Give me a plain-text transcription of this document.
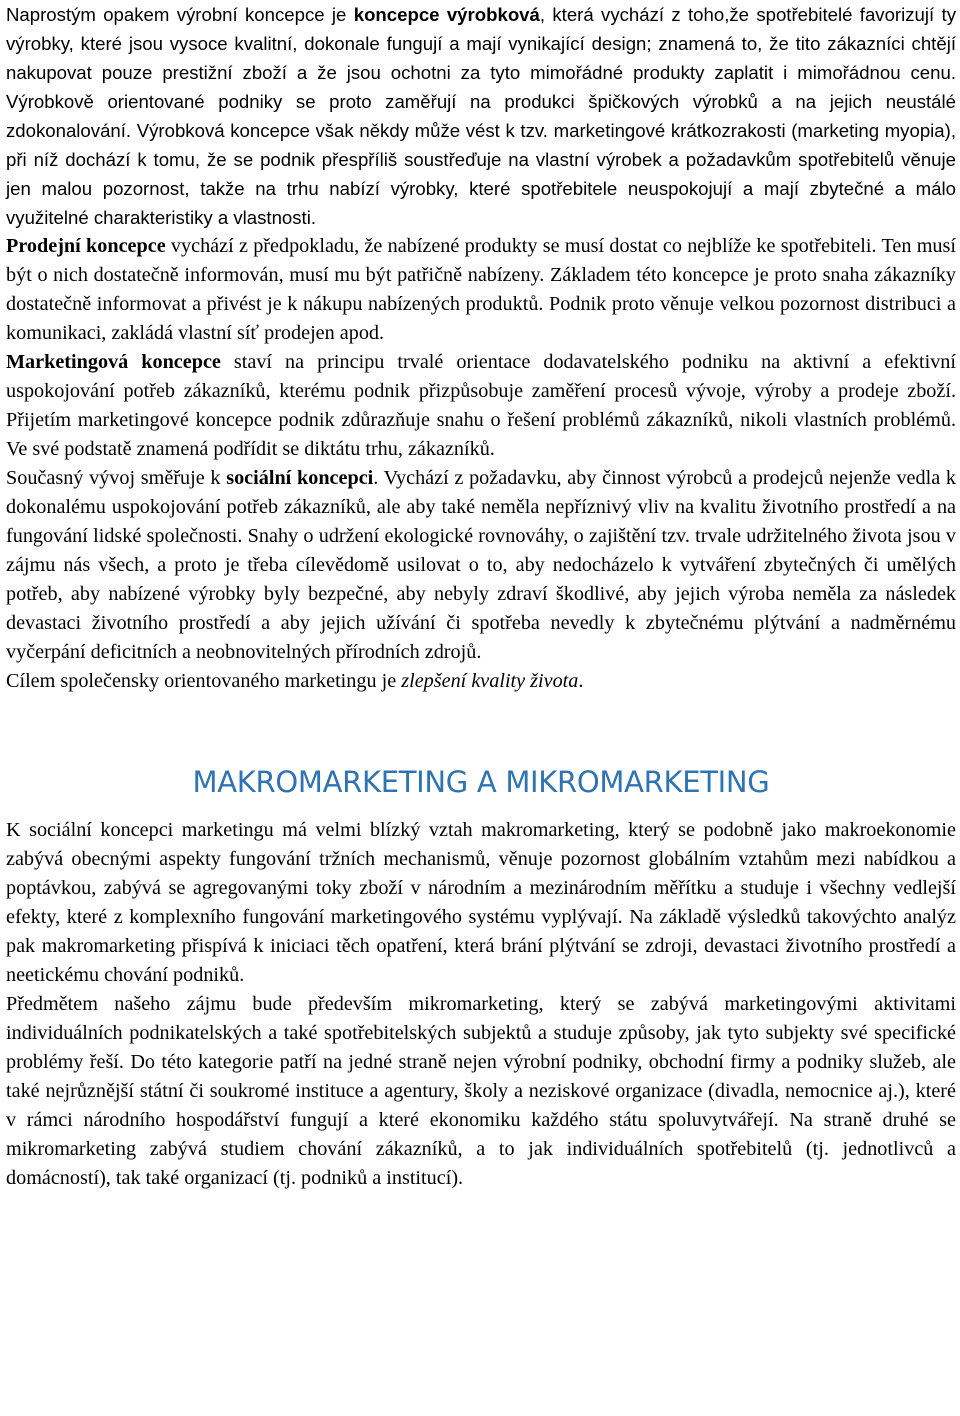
Naprostým opakem výrobní koncepce je koncepce výrobková, která vychází z toho,že spotřebitelé favorizují ty výrobky, které jsou vysoce kvalitní, dokonale fungují a mají vynikající design; znamená to, že tito zákazníci chtějí nakupovat pouze prestižní zboží a že jsou ochotni za tyto mimořádné produkty zaplatit i mimořádnou cenu. Výrobkově orientované podniky se proto zaměřují na produkci špičkových výrobků a na jejich neustálé zdokonalování. Výrobková koncepce však někdy může vést k tzv. marketingové krátkozrakosti (marketing myopia), při níž dochází k tomu, že se podnik přespříliš soustřeďuje na vlastní výrobek a požadavkům spotřebitelů věnuje jen malou pozornost, takže na trhu nabízí výrobky, které spotřebitele neuspokojují a mají zbytečné a málo využitelné charakteristiky a vlastnosti.

Prodejní koncepce vychází z předpokladu, že nabízené produkty se musí dostat co nejblíže ke spotřebiteli. Ten musí být o nich dostatečně informován, musí mu být patřičně nabízeny. Základem této koncepce je proto snaha zákazníky dostatečně informovat a přivést je k nákupu nabízených produktů. Podnik proto věnuje velkou pozornost distribuci a komunikaci, zakládá vlastní síť prodejen apod.

Marketingová koncepce staví na principu trvalé orientace dodavatelského podniku na aktivní a efektivní uspokojování potřeb zákazníků, kterému podnik přizpůsobuje zaměření procesů vývoje, výroby a prodeje zboží. Přijetím marketingové koncepce podnik zdůrazňuje snahu o řešení problémů zákazníků, nikoli vlastních problémů. Ve své podstatě znamená podřídit se diktátu trhu, zákazníků.

Současný vývoj směřuje k sociální koncepci. Vychází z požadavku, aby činnost výrobců a prodejců nejenže vedla k dokonalému uspokojování potřeb zákazníků, ale aby také neměla nepříznivý vliv na kvalitu životního prostředí a na fungování lidské společnosti. Snahy o udržení ekologické rovnováhy, o zajištění tzv. trvale udržitelného života jsou v zájmu nás všech, a proto je třeba cílevědomě usilovat o to, aby nedocházelo k vytváření zbytečných či umělých potřeb, aby nabízené výrobky byly bezpečné, aby nebyly zdraví škodlivé, aby jejich výroba neměla za následek devastaci životního prostředí a aby jejich užívání či spotřeba nevedly k zbytečnému plýtvání a nadměrnému vyčerpání deficitních a neobnovitelných přírodních zdrojů.

Cílem společensky orientovaného marketingu je zlepšení kvality života.

MAKROMARKETING A MIKROMARKETING

K sociální koncepci marketingu má velmi blízký vztah makromarketing, který se podobně jako makroekonomie zabývá obecnými aspekty fungování tržních mechanismů, věnuje pozornost globálním vztahům mezi nabídkou a poptávkou, zabývá se agregovanými toky zboží v národním a mezinárodním měřítku a studuje i všechny vedlejší efekty, které z komplexního fungování marketingového systému vyplývají. Na základě výsledků takovýchto analýz pak makromarketing přispívá k iniciaci těch opatření, která brání plýtvání se zdroji, devastaci životního prostředí a neetickému chování podniků.

Předmětem našeho zájmu bude především mikromarketing, který se zabývá marketingovými aktivitami individuálních podnikatelských a také spotřebitelských subjektů a studuje způsoby, jak tyto subjekty své specifické problémy řeší. Do této kategorie patří na jedné straně nejen výrobní podniky, obchodní firmy a podniky služeb, ale také nejrůznější státní či soukromé instituce a agentury, školy a neziskové organizace (divadla, nemocnice aj.), které v rámci národního hospodářství fungují a které ekonomiku každého státu spoluvytvářejí. Na straně druhé se mikromarketing zabývá studiem chování zákazníků, a to jak individuálních spotřebitelů (tj. jednotlivců a domácností), tak také organizací (tj. podniků a institucí).
